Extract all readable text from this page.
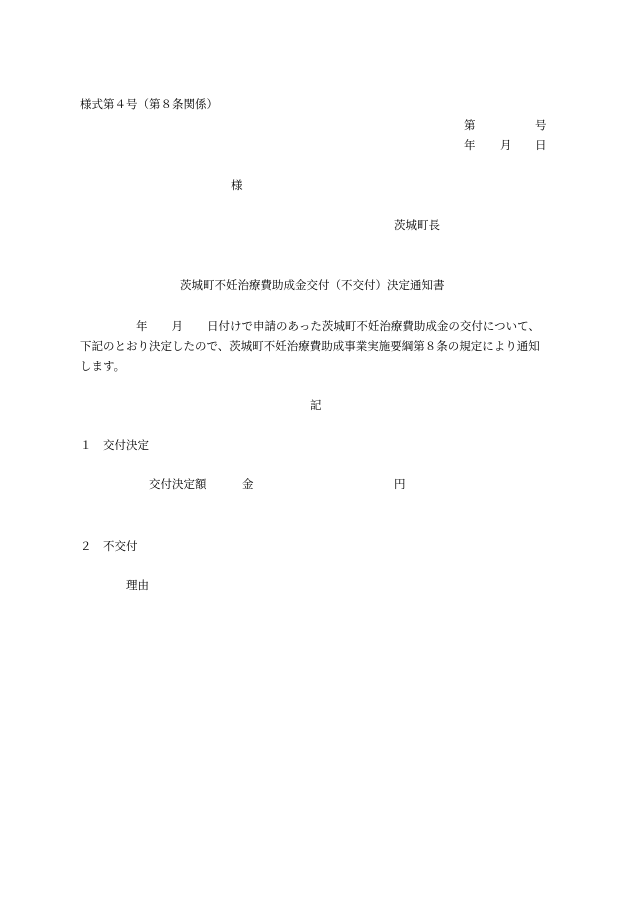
様式第４号（第８条関係）
第	号
年 月 日
様
茨城町長
茨城町不妊治療費助成金交付（不交付）決定通知書
年 月 日付けで申請のあった茨城町不妊治療費助成金の交付について、
下記のとおり決定したので、茨城町不妊治療費助成事業実施要綱第８条の規定により通知
します。
記
１　交付決定
交付決定額	金	円
２　不交付
理由
